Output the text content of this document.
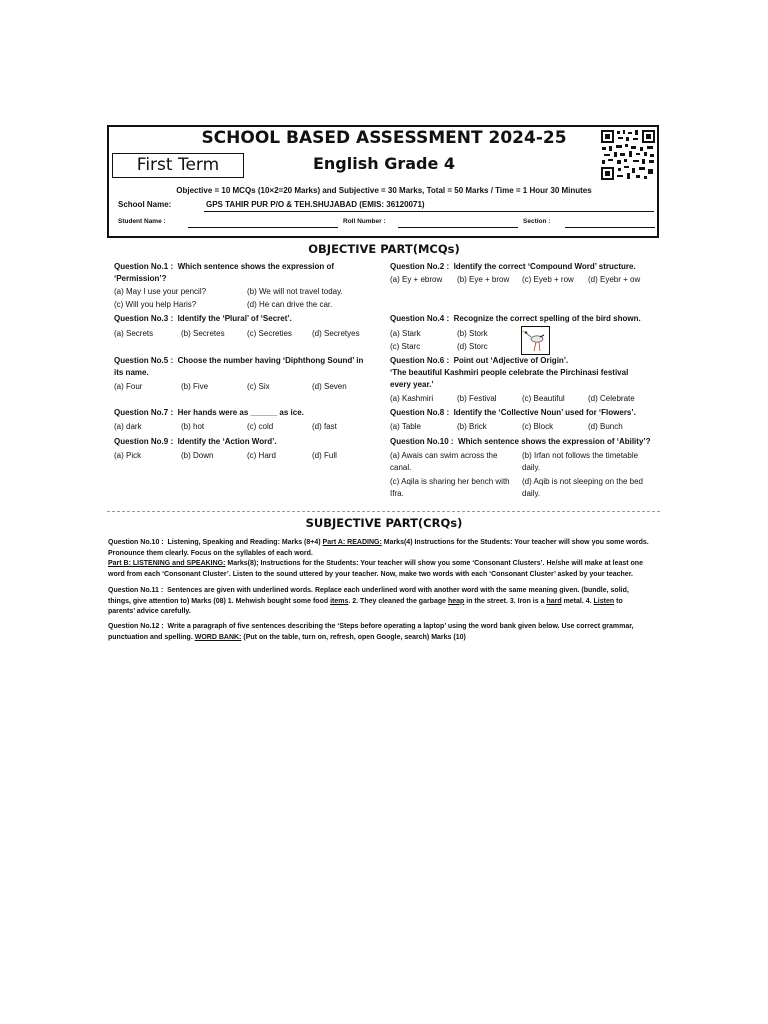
SCHOOL BASED ASSESSMENT 2024-25
First Term	English Grade 4
Objective = 10 MCQs (10×2=20 Marks) and Subjective = 30 Marks, Total = 50 Marks / Time = 1 Hour 30 Minutes
School Name:	GPS TAHIR PUR P/O & TEH.SHUJABAD (EMIS: 36120071)
Student Name :	Roll Number :	Section :
OBJECTIVE PART(MCQs)
Question No.1 : Which sentence shows the expression of
‘Permission’?
(a) May I use your pencil?	(b) We will not travel today.
(c) Will you help Haris?	(d) He can drive the car.
Question No.3 : Identify the ‘Plural’ of ‘Secret’.
(a) Secrets	(b) Secretes	(c) Secreties	(d) Secretyes
Question No.5 : Choose the number having ‘Diphthong Sound’ in
its name.
(a) Four	(b) Five	(c) Six	(d) Seven
Question No.7 : Her hands were as ______ as ice.
(a) dark	(b) hot	(c) cold	(d) fast
Question No.9 : Identify the ‘Action Word’.
(a) Pick	(b) Down	(c) Hard	(d) Full
Question No.2 : Identify the correct ‘Compound Word’ structure.
(a) Ey + ebrow (b) Eye + brow (c) Eyeb + row (d) Eyebr + ow
Question No.4 : Recognize the correct spelling of the bird shown.
(a) Stark	(b) Stork
(c) Starc	(d) Storc
Question No.6 : Point out ‘Adjective of Origin’.
‘The beautiful Kashmiri people celebrate the Pirchinasi festival
every year.’
(a) Kashmiri	(b) Festival	(c) Beautiful	(d) Celebrate
Question No.8 : Identify the ‘Collective Noun’ used for ‘Flowers’.
(a) Table	(b) Brick	(c) Block	(d) Bunch
Question No.10 : Which sentence shows the expression of ‘Ability’?
(a) Awais can swim across the
canal.
(b) Irfan not follows the timetable
daily.
(c) Aqila is sharing her bench with
Ifra.
(d) Aqib is not sleeping on the bed
daily.
SUBJECTIVE PART(CRQs)
Question No.10 : Listening, Speaking and Reading: Marks (8+4) Part A: READING: Marks(4) Instructions for the Students: Your teacher will show you some words.
Pronounce them clearly. Focus on the syllables of each word.
Part B: LISTENING and SPEAKING: Marks(8); Instructions for the Students: Your teacher will show you some ‘Consonant Clusters’. He/she will make at least one
word from each ‘Consonant Cluster’. Listen to the sound uttered by your teacher. Now, make two words with each ‘Consonant Cluster’ asked by your teacher.
Question No.11 : Sentences are given with underlined words. Replace each underlined word with another word with the same meaning given. (bundle, solid,
things, give attention to) Marks (08) 1. Mehwish bought some food items. 2. They cleaned the garbage heap in the street. 3. Iron is a hard metal. 4. Listen to
parents’ advice carefully.
Question No.12 : Write a paragraph of five sentences describing the ‘Steps before operating a laptop’ using the word bank given below. Use correct grammar,
punctuation and spelling. WORD BANK: (Put on the table, turn on, refresh, open Google, search) Marks (10)
